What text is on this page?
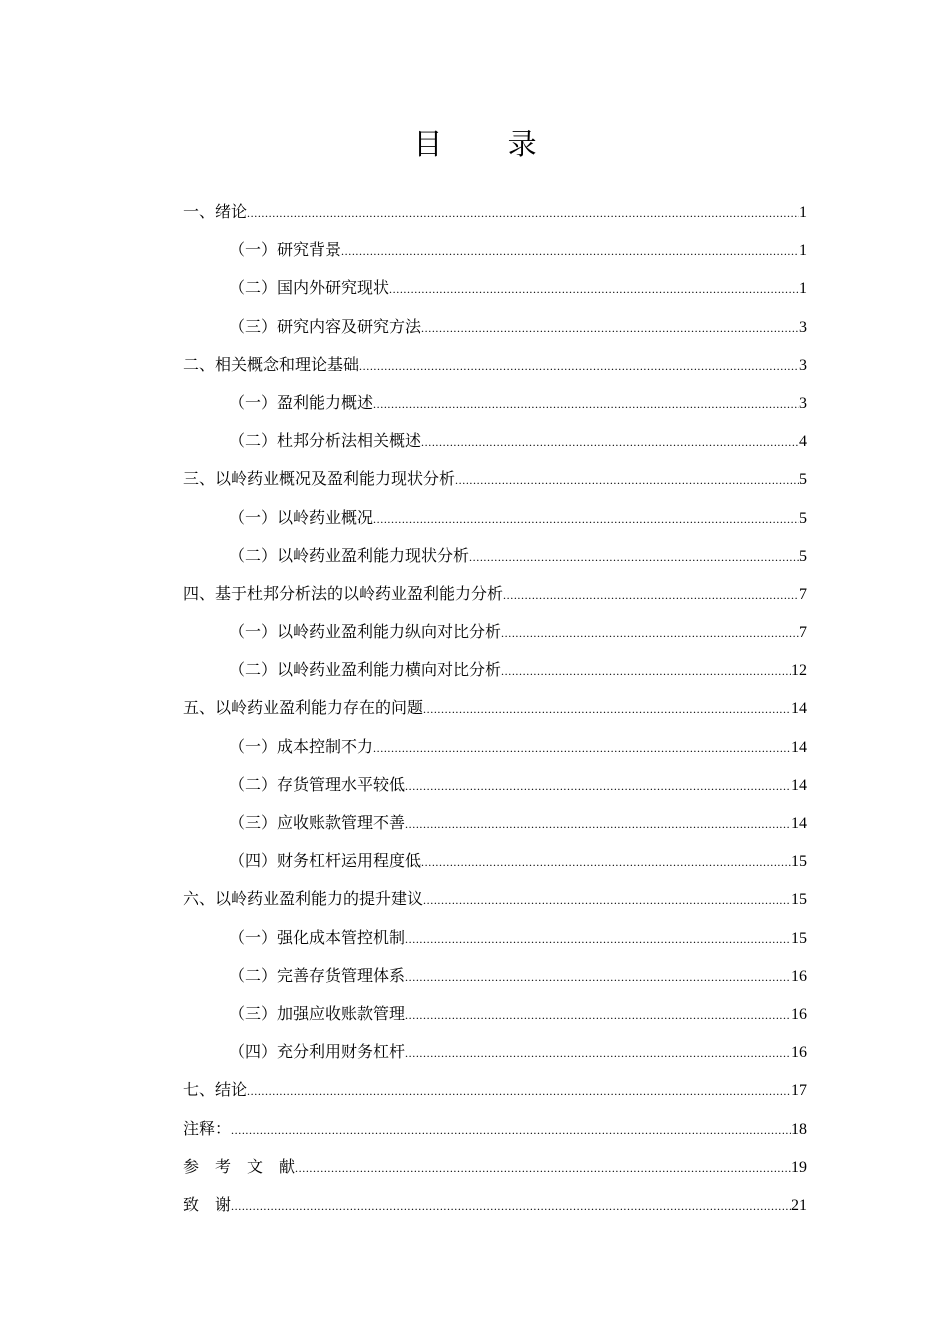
目 录
一、绪论 .....	1
（一）研究背景 .....	1
（二）国内外研究现状 .....	1
（三）研究内容及研究方法 .....	3
二、相关概念和理论基础 .....	3
（一）盈利能力概述 .....	3
（二）杜邦分析法相关概述 .....	4
三、以岭药业概况及盈利能力现状分析 .....	5
（一）以岭药业概况 .....	5
（二）以岭药业盈利能力现状分析 .....	5
四、基于杜邦分析法的以岭药业盈利能力分析 .....	7
（一）以岭药业盈利能力纵向对比分析 .....	7
（二）以岭药业盈利能力横向对比分析 .....	12
五、以岭药业盈利能力存在的问题 .....	14
（一）成本控制不力 .....	14
（二）存货管理水平较低 .....	14
（三）应收账款管理不善 .....	14
（四）财务杠杆运用程度低 .....	15
六、以岭药业盈利能力的提升建议 .....	15
（一）强化成本管控机制 .....	15
（二）完善存货管理体系 .....	16
（三）加强应收账款管理 .....	16
（四）充分利用财务杠杆 .....	16
七、结论 .....	17
注释： .....	18
参　考　文　献 .....	19
致　谢 .....	21
